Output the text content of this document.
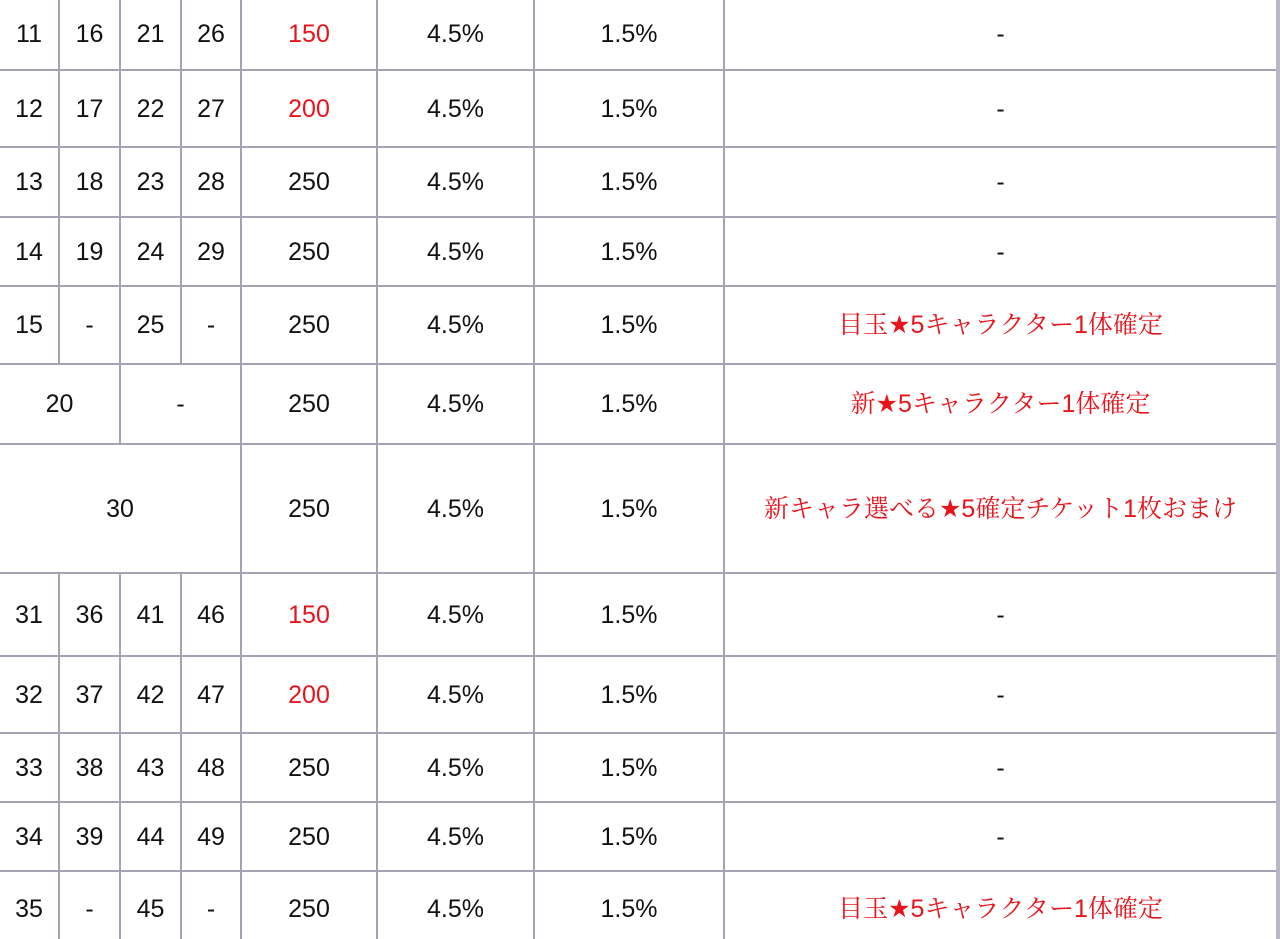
11	16	21	26	150	4.5%	1.5%	-
12	17	22	27	200	4.5%	1.5%	-
13	18	23	28	250	4.5%	1.5%	-
14	19	24	29	250	4.5%	1.5%	-
15	-	25	-	250	4.5%	1.5%	目玉★5キャラクター1体確定
20		-		250	4.5%	1.5%	新★5キャラクター1体確定
30				250	4.5%	1.5%	新キャラ選べる★5確定チケット1枚おまけ
31	36	41	46	150	4.5%	1.5%	-
32	37	42	47	200	4.5%	1.5%	-
33	38	43	48	250	4.5%	1.5%	-
34	39	44	49	250	4.5%	1.5%	-
35	-	45	-	250	4.5%	1.5%	目玉★5キャラクター1体確定
